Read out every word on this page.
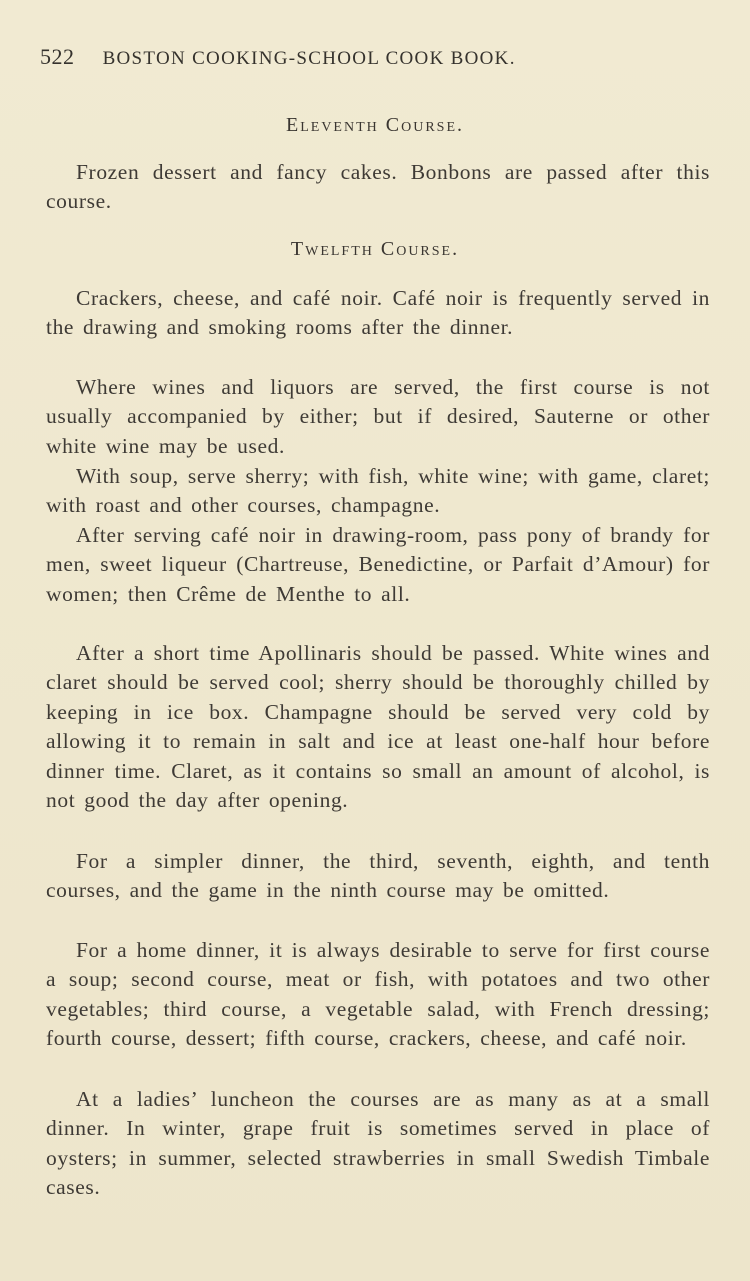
522 BOSTON COOKING-SCHOOL COOK BOOK.
Eleventh Course.

Frozen dessert and fancy cakes. Bonbons are passed after this course.

Twelfth Course.

Crackers, cheese, and café noir. Café noir is frequently served in the drawing and smoking rooms after the dinner.

Where wines and liquors are served, the first course is not usually accompanied by either; but if desired, Sauterne or other white wine may be used.

With soup, serve sherry; with fish, white wine; with game, claret; with roast and other courses, champagne.

After serving café noir in drawing-room, pass pony of brandy for men, sweet liqueur (Chartreuse, Benedictine, or Parfait d’Amour) for women; then Crême de Menthe to all.

After a short time Apollinaris should be passed. White wines and claret should be served cool; sherry should be thoroughly chilled by keeping in ice box. Champagne should be served very cold by allowing it to remain in salt and ice at least one-half hour before dinner time. Claret, as it contains so small an amount of alcohol, is not good the day after opening.

For a simpler dinner, the third, seventh, eighth, and tenth courses, and the game in the ninth course may be omitted.

For a home dinner, it is always desirable to serve for first course a soup; second course, meat or fish, with potatoes and two other vegetables; third course, a vegetable salad, with French dressing; fourth course, dessert; fifth course, crackers, cheese, and café noir.

At a ladies’ luncheon the courses are as many as at a small dinner. In winter, grape fruit is sometimes served in place of oysters; in summer, selected strawberries in small Swedish Timbale cases.
